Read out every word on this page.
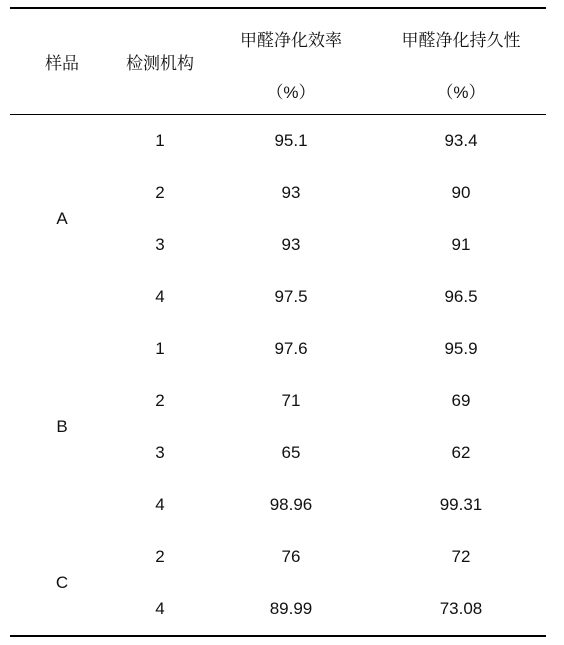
样品	检测机构	甲醛净化效率	甲醛净化持久性
		（%）	（%）
A	1	95.1	93.4
	2	93	90
	3	93	91
	4	97.5	96.5
B	1	97.6	95.9
	2	71	69
	3	65	62
	4	98.96	99.31
C	2	76	72
	4	89.99	73.08
